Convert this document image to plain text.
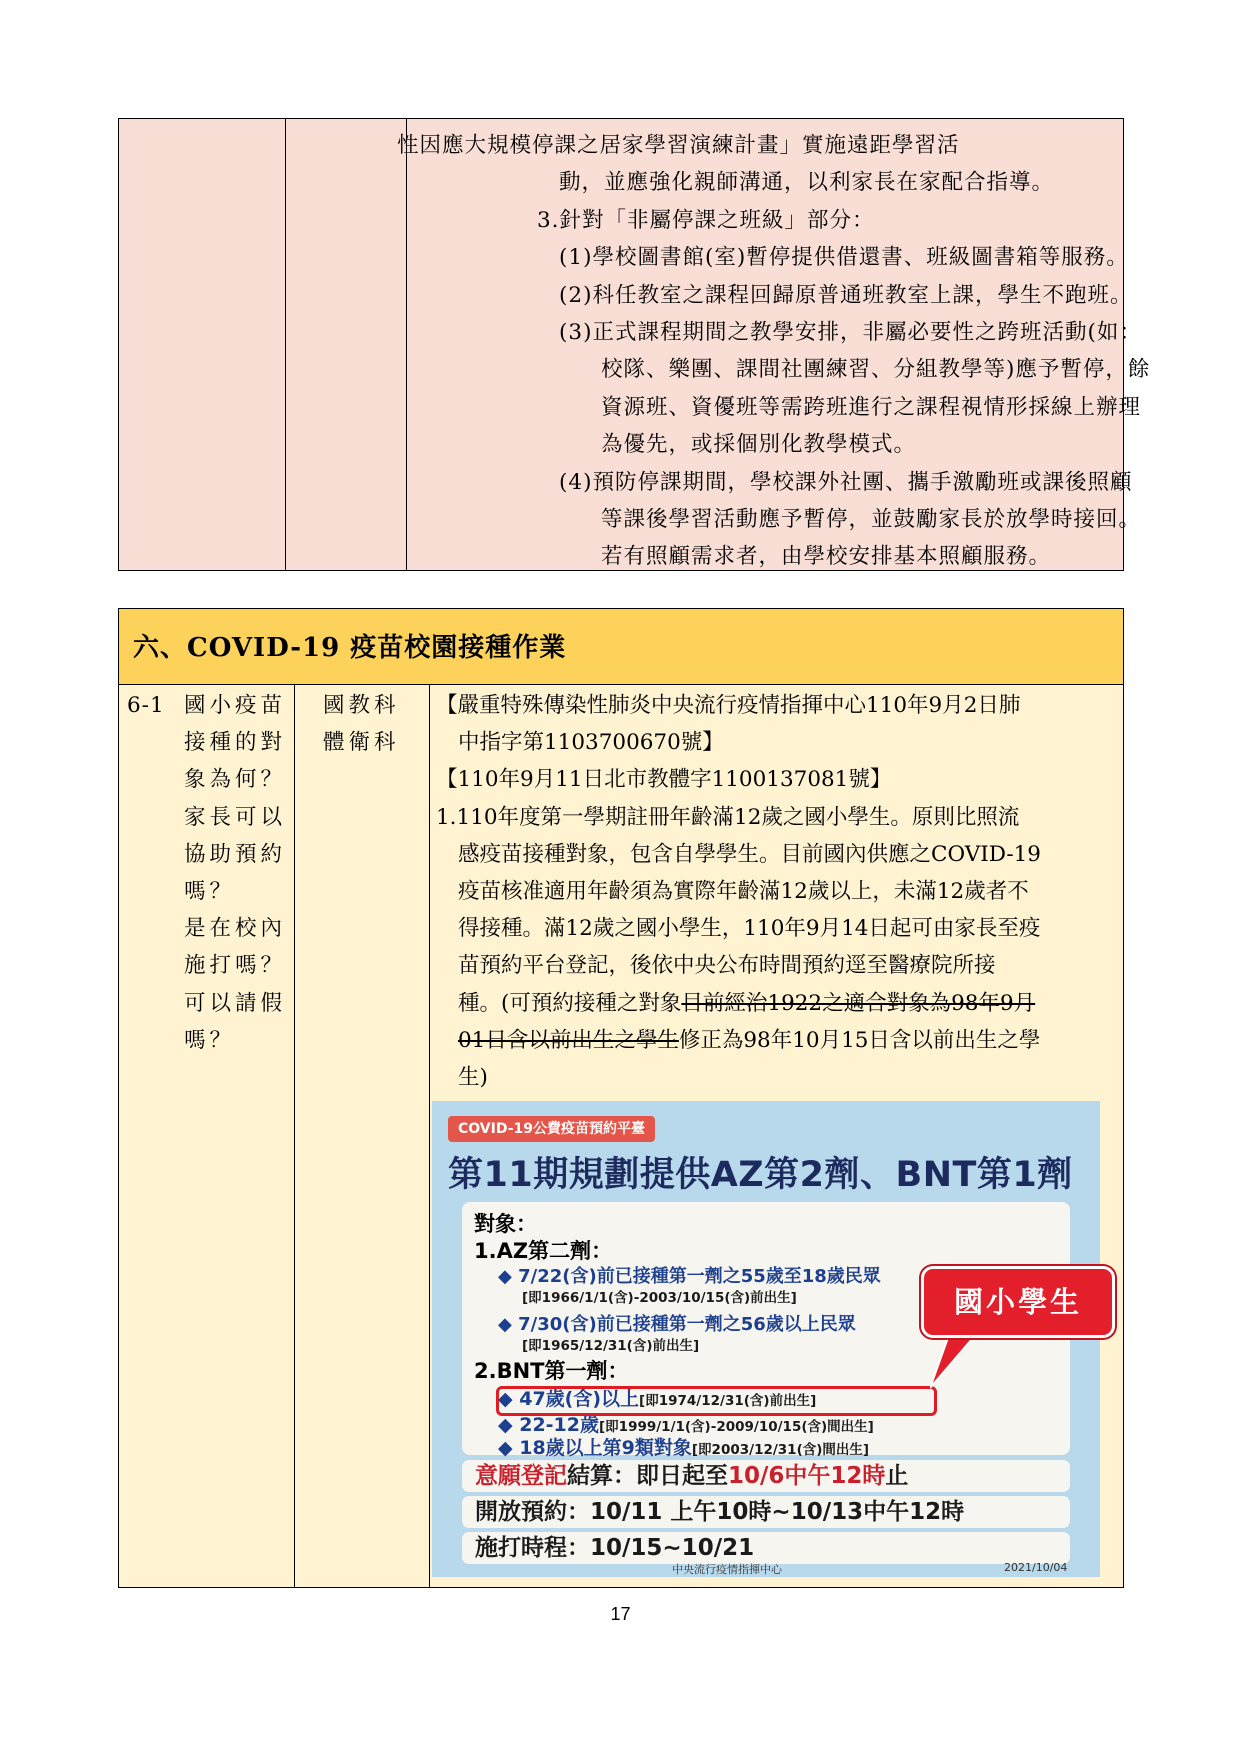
性因應大規模停課之居家學習演練計畫」實施遠距學習活
動，並應強化親師溝通，以利家長在家配合指導。
3.針對「非屬停課之班級」部分：
(1)學校圖書館(室)暫停提供借還書、班級圖書箱等服務。
(2)科任教室之課程回歸原普通班教室上課，學生不跑班。
(3)正式課程期間之教學安排，非屬必要性之跨班活動(如：
校隊、樂團、課間社團練習、分組教學等)應予暫停，餘
資源班、資優班等需跨班進行之課程視情形採線上辦理
為優先，或採個別化教學模式。
(4)預防停課期間，學校課外社團、攜手激勵班或課後照顧
等課後學習活動應予暫停，並鼓勵家長於放學時接回。
若有照顧需求者，由學校安排基本照顧服務。
六、COVID-19 疫苗校園接種作業
6-1 國小疫苗
接種的對
象為何？
家長可以
協助預約
嗎？
是在校內
施打嗎？
可以請假
嗎？
國教科
體衛科
【嚴重特殊傳染性肺炎中央流行疫情指揮中心110年9月2日肺
中指字第1103700670號】
【110年9月11日北市教體字1100137081號】
1.110年度第一學期註冊年齡滿12歲之國小學生。原則比照流
感疫苗接種對象，包含自學學生。目前國內供應之COVID-19
疫苗核准適用年齡須為實際年齡滿12歲以上，未滿12歲者不
得接種。滿12歲之國小學生，110年9月14日起可由家長至疫
苗預約平台登記，後依中央公布時間預約逕至醫療院所接
種。(可預約接種之對象目前經治1922之適合對象為98年9月
01日含以前出生之學生修正為98年10月15日含以前出生之學
生)
COVID-19公費疫苗預約平臺
第11期規劃提供AZ第2劑、BNT第1劑
對象：
1.AZ第二劑：
◆ 7/22(含)前已接種第一劑之55歲至18歲民眾
[即1966/1/1(含)-2003/10/15(含)前出生]
◆ 7/30(含)前已接種第一劑之56歲以上民眾
[即1965/12/31(含)前出生]
2.BNT第一劑：
◆ 47歲(含)以上[即1974/12/31(含)前出生]
◆ 22-12歲[即1999/1/1(含)-2009/10/15(含)間出生]
◆ 18歲以上第9類對象[即2003/12/31(含)間出生]
意願登記結算：即日起至10/6中午12時止
開放預約：10/11 上午10時~10/13中午12時
施打時程：10/15~10/21
中央流行疫情指揮中心	2021/10/04
國小學生
17
